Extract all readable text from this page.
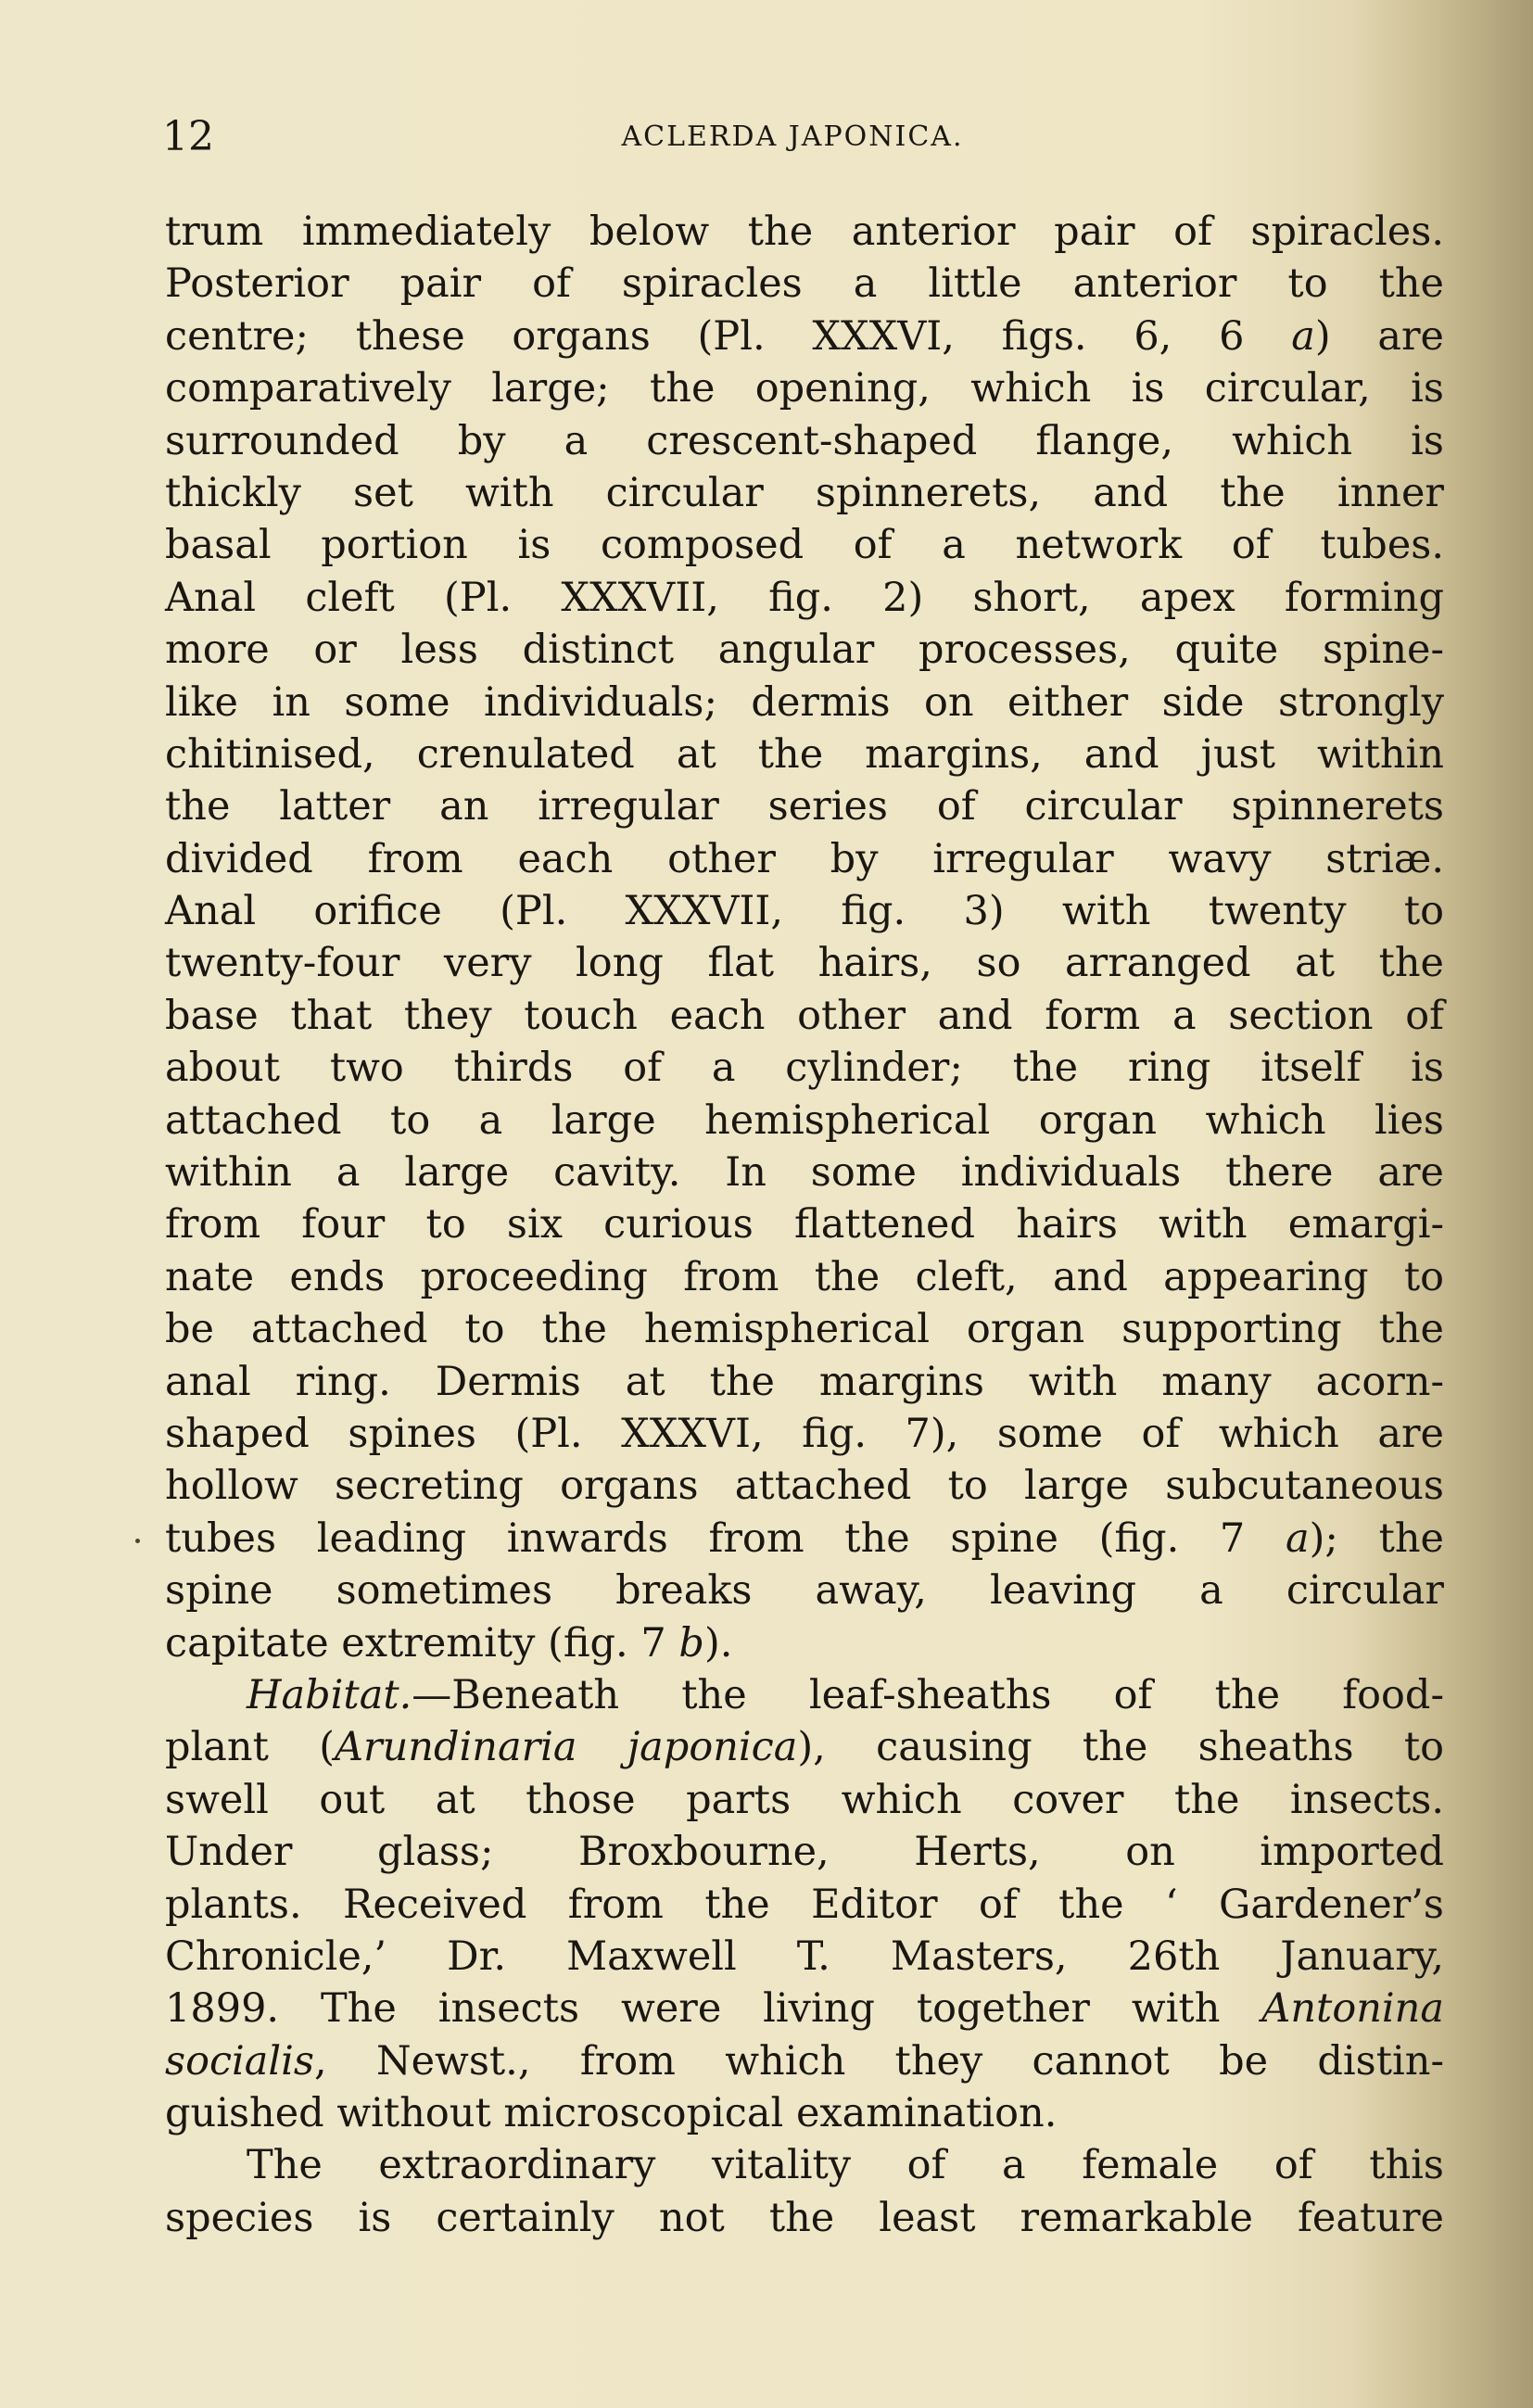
12	ACLERDA JAPONICA.
trum immediately below the anterior pair of spiracles.
Posterior pair of spiracles a little anterior to the
centre; these organs (Pl. XXXVI, figs. 6, 6 a) are
comparatively large; the opening, which is circular, is
surrounded by a crescent-shaped flange, which is
thickly set with circular spinnerets, and the inner
basal portion is composed of a network of tubes.
Anal cleft (Pl. XXXVII, fig. 2) short, apex forming
more or less distinct angular processes, quite spine-
like in some individuals; dermis on either side strongly
chitinised, crenulated at the margins, and just within
the latter an irregular series of circular spinnerets
divided from each other by irregular wavy striæ.
Anal orifice (Pl. XXXVII, fig. 3) with twenty to
twenty-four very long flat hairs, so arranged at the
base that they touch each other and form a section of
about two thirds of a cylinder; the ring itself is
attached to a large hemispherical organ which lies
within a large cavity. In some individuals there are
from four to six curious flattened hairs with emargi-
nate ends proceeding from the cleft, and appearing to
be attached to the hemispherical organ supporting the
anal ring. Dermis at the margins with many acorn-
shaped spines (Pl. XXXVI, fig. 7), some of which are
hollow secreting organs attached to large subcutaneous
tubes leading inwards from the spine (fig. 7 a); the
spine sometimes breaks away, leaving a circular
capitate extremity (fig. 7 b).
Habitat.—Beneath the leaf-sheaths of the food-
plant (Arundinaria japonica), causing the sheaths to
swell out at those parts which cover the insects.
Under glass; Broxbourne, Herts, on imported
plants. Received from the Editor of the ‘ Gardener’s
Chronicle,’ Dr. Maxwell T. Masters, 26th January,
1899. The insects were living together with Antonina
socialis, Newst., from which they cannot be distin-
guished without microscopical examination.
The extraordinary vitality of a female of this
species is certainly not the least remarkable feature
